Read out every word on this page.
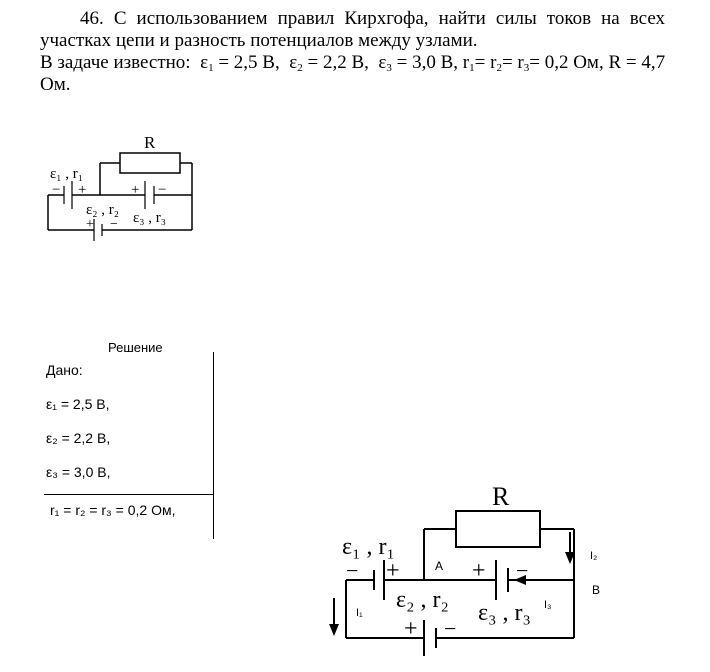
46. С использованием правил Кирхгофа, найти силы токов на всех участках цепи и разность потенциалов между узлами.

В задаче известно:  $\varepsilon_1 = 2,5$ В,  $\varepsilon_2 = 2,2$ В,  $\varepsilon_3 = 3,0$ В, $r_1= r_2= r_3= 0,2$ Ом, R = 4,7 Ом.

R
ε₁ , r₁
− +	+ −
ε₂ , r₂ ε₃ , r₃
+ −
Решение
Дано:
ε₁ = 2,5 В,
ε₂ = 2,2 В,
ε₃ = 3,0 В,
r₁ = r₂ = r₃ = 0,2 Ом,	R
ε₁ , r₁
− +	+ −
A
B
I₁
I₂
I₃
ε₂ , r₂ ε₃ , r₃
+ −
